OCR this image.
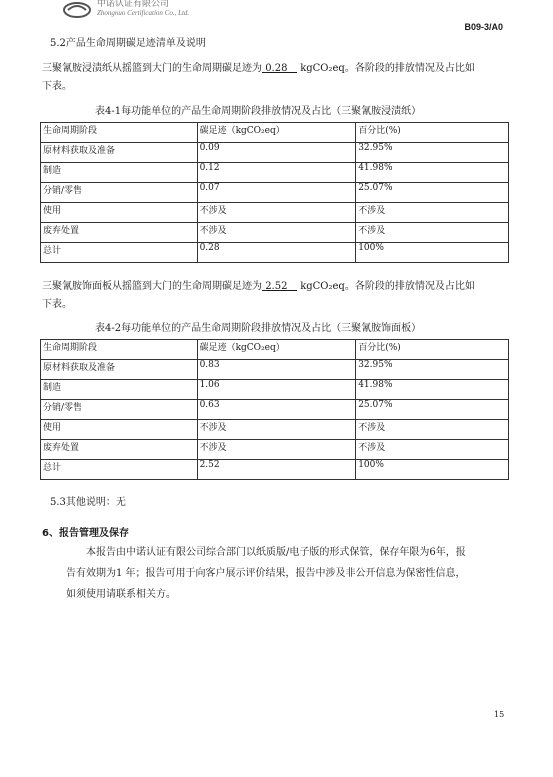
中诺认证有限公司
Zhongnuo Certification Co., Ltd.
B09-3/A0
5.2产品生命周期碳足迹清单及说明
三聚氰胺浸渍纸从摇篮到大门的生命周期碳足迹为 0.28 kgCO₂eq。各阶段的排放情况及占比如
下表。
表4-1每功能单位的产品生命周期阶段排放情况及占比（三聚氰胺浸渍纸）
生命周期阶段	碳足迹（kgCO₂eq）	百分比(%)
原材料获取及准备	0.09	32.95%
制造	0.12	41.98%
分销/零售	0.07	25.07%
使用	不涉及	不涉及
废弃处置	不涉及	不涉及
总计	0.28	100%
三聚氰胺饰面板从摇篮到大门的生命周期碳足迹为 2.52 kgCO₂eq。各阶段的排放情况及占比如
下表。
表4-2每功能单位的产品生命周期阶段排放情况及占比（三聚氰胺饰面板）
生命周期阶段	碳足迹（kgCO₂eq）	百分比(%)
原材料获取及准备	0.83	32.95%
制造	1.06	41.98%
分销/零售	0.63	25.07%
使用	不涉及	不涉及
废弃处置	不涉及	不涉及
总计	2.52	100%
5.3其他说明：无
6、报告管理及保存
本报告由中诺认证有限公司综合部门以纸质版/电子版的形式保管，保存年限为6年，报
告有效期为1 年；报告可用于向客户展示评价结果，报告中涉及非公开信息为保密性信息，
如须使用请联系相关方。
15
